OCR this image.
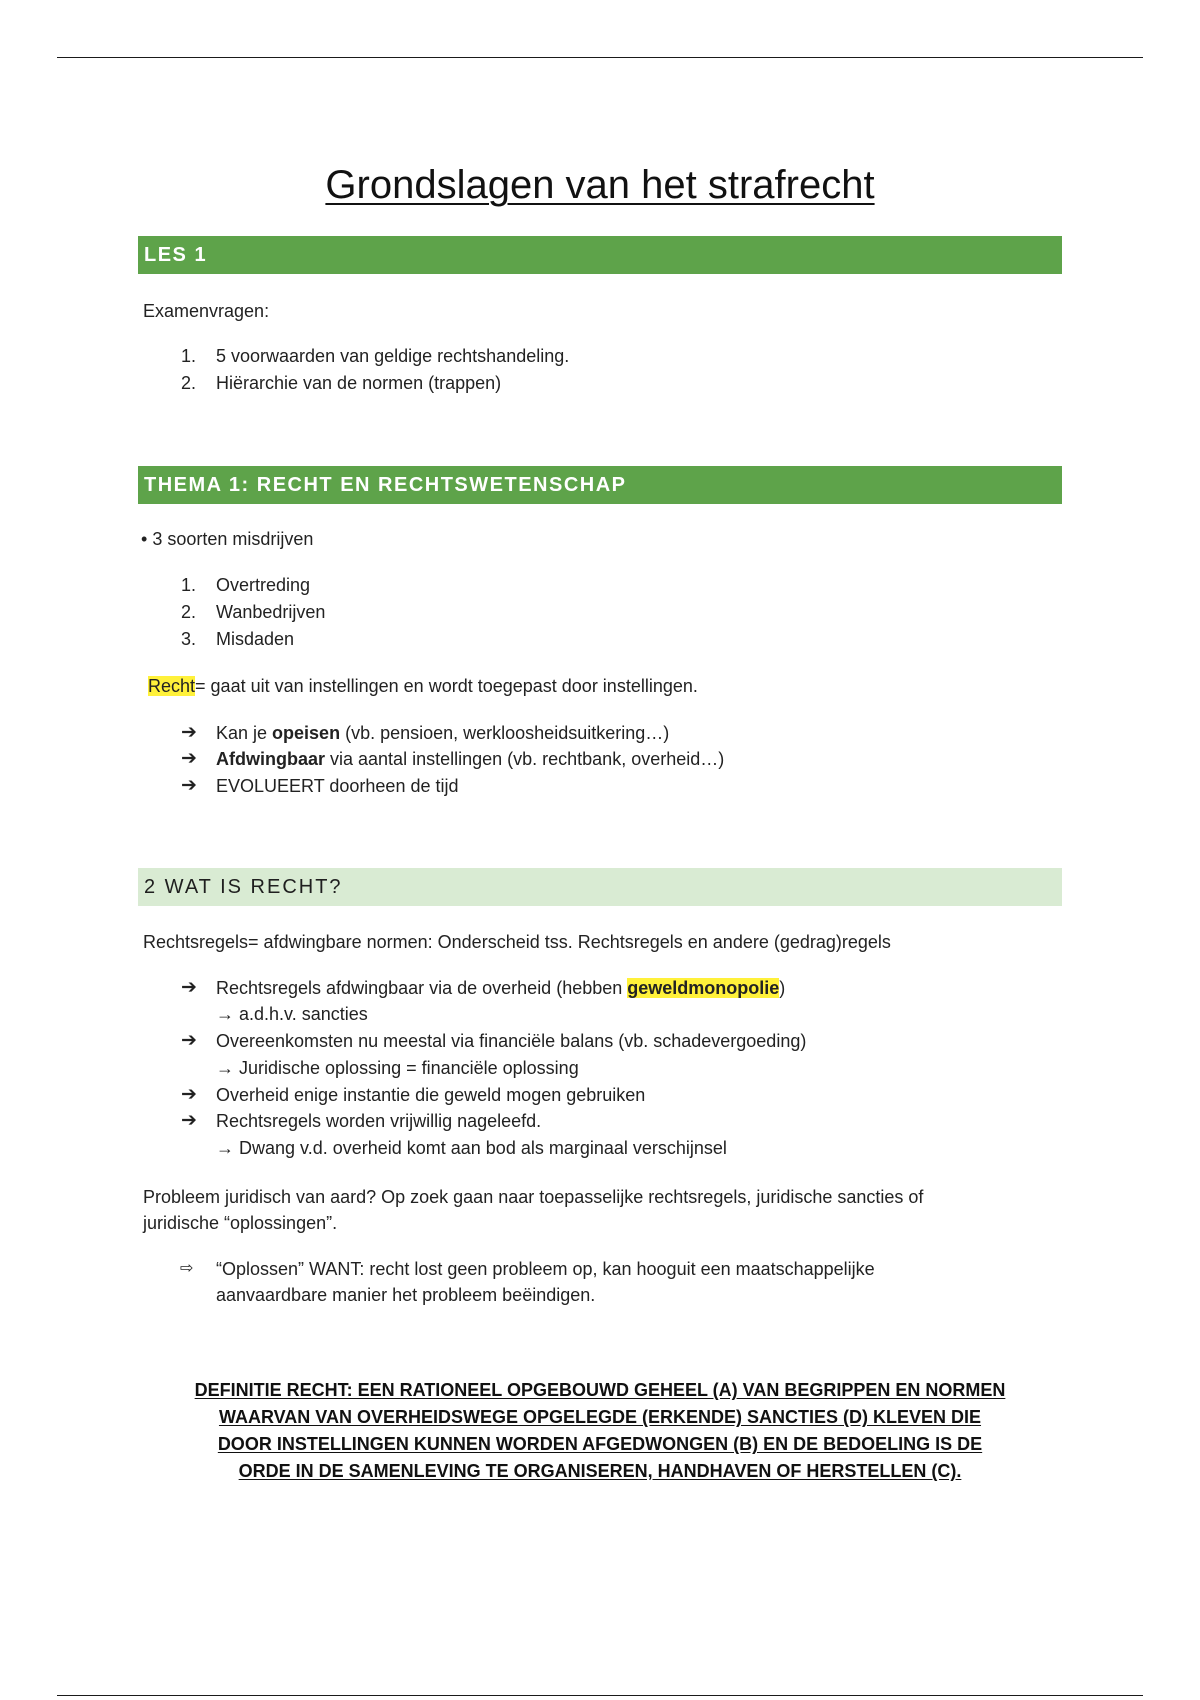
Grondslagen van het strafrecht
LES 1
Examenvragen:
1. 5 voorwaarden van geldige rechtshandeling.
2. Hiërarchie van de normen (trappen)
THEMA 1: RECHT EN RECHTSWETENSCHAP
• 3 soorten misdrijven
1. Overtreding
2. Wanbedrijven
3. Misdaden
Recht= gaat uit van instellingen en wordt toegepast door instellingen.
➔ Kan je opeisen (vb. pensioen, werkloosheidsuitkering…)
➔ Afdwingbaar via aantal instellingen (vb. rechtbank, overheid…)
➔ EVOLUEERT doorheen de tijd
2 WAT IS RECHT?
Rechtsregels= afdwingbare normen: Onderscheid tss. Rechtsregels en andere (gedrag)regels
➔ Rechtsregels afdwingbaar via de overheid (hebben geweldmonopolie)
→ a.d.h.v. sancties
➔ Overeenkomsten nu meestal via financiële balans (vb. schadevergoeding)
→ Juridische oplossing = financiële oplossing
➔ Overheid enige instantie die geweld mogen gebruiken
➔ Rechtsregels worden vrijwillig nageleefd.
→ Dwang v.d. overheid komt aan bod als marginaal verschijnsel
Probleem juridisch van aard? Op zoek gaan naar toepasselijke rechtsregels, juridische sancties of
juridische “oplossingen”.
⇨ “Oplossen” WANT: recht lost geen probleem op, kan hooguit een maatschappelijke
aanvaardbare manier het probleem beëindigen.
DEFINITIE RECHT: EEN RATIONEEL OPGEBOUWD GEHEEL (A) VAN BEGRIPPEN EN NORMEN
WAARVAN VAN OVERHEIDSWEGE OPGELEGDE (ERKENDE) SANCTIES (D) KLEVEN DIE
DOOR INSTELLINGEN KUNNEN WORDEN AFGEDWONGEN (B) EN DE BEDOELING IS DE
ORDE IN DE SAMENLEVING TE ORGANISEREN, HANDHAVEN OF HERSTELLEN (C).
